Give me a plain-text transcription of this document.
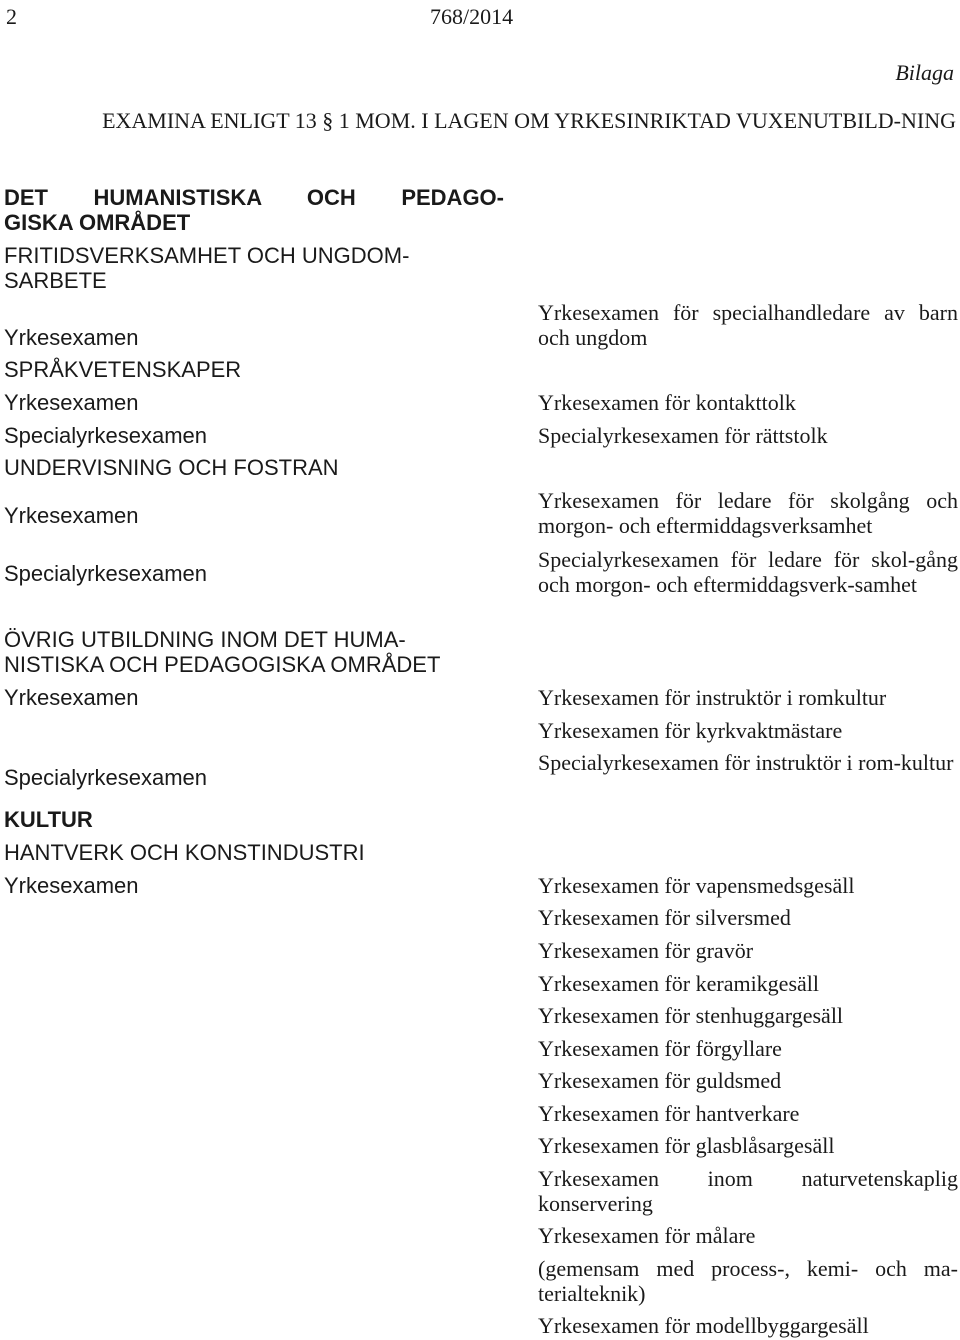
2	768/2014
Bilaga
EXAMINA ENLIGT 13 § 1 MOM. I LAGEN OM YRKESINRIKTAD VUXENUTBILD-NING
DET HUMANISTISKA OCH PEDAGO-
GISKA OMRÅDET
FRITIDSVERKSAMHET OCH UNGDOM-
SARBETE
Yrkesexamen
SPRÅKVETENSKAPER
Yrkesexamen
Specialyrkesexamen
UNDERVISNING OCH FOSTRAN
Yrkesexamen
Specialyrkesexamen
ÖVRIG UTBILDNING INOM DET HUMA-
NISTISKA OCH PEDAGOGISKA OMRÅDET
Yrkesexamen
Specialyrkesexamen
KULTUR
HANTVERK OCH KONSTINDUSTRI
Yrkesexamen
Yrkesexamen för specialhandledare av barn och ungdom
Yrkesexamen för kontakttolk
Specialyrkesexamen för rättstolk
Yrkesexamen för ledare för skolgång och morgon- och eftermiddagsverksamhet
Specialyrkesexamen för ledare för skol-gång och morgon- och eftermiddagsverk-samhet
Yrkesexamen för instruktör i romkultur
Yrkesexamen för kyrkvaktmästare
Specialyrkesexamen för instruktör i rom-kultur
Yrkesexamen för vapensmedsgesäll
Yrkesexamen för silversmed
Yrkesexamen för gravör
Yrkesexamen för keramikgesäll
Yrkesexamen för stenhuggargesäll
Yrkesexamen för förgyllare
Yrkesexamen för guldsmed
Yrkesexamen för hantverkare
Yrkesexamen för glasblåsargesäll
Yrkesexamen inom naturvetenskaplig konservering
Yrkesexamen för målare
(gemensam med process-, kemi- och ma-terialteknik)
Yrkesexamen för modellbyggargesäll
